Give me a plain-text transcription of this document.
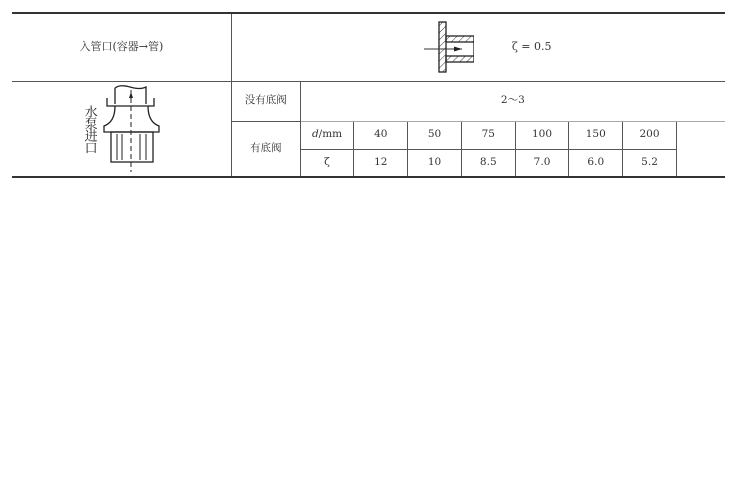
入管口(容器→管)	ζ = 0.5							

水泵进口	没有底阀	2～3						
	有底阀	d/mm	40	50	75	100	150	200
		ζ	12	10	8.5	7.0	6.0	5.2
